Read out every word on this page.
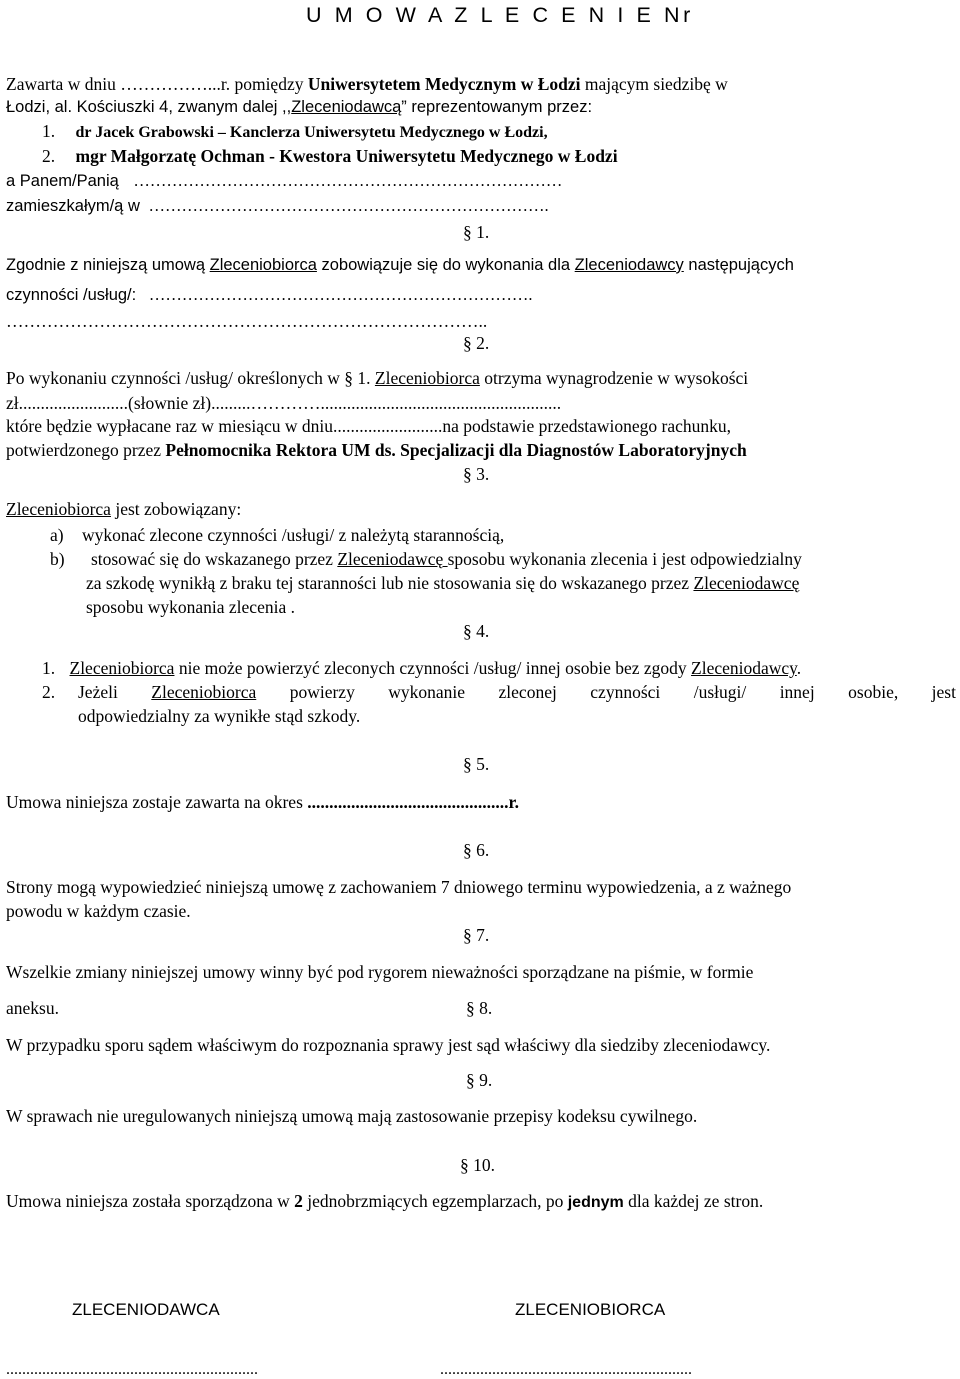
U M O W A Z L E C E N I E Nr
Zawarta w dniu ……………...r. pomiędzy Uniwersytetem Medycznym w Łodzi mającym siedzibę w
Łodzi, al. Kościuszki 4, zwanym dalej ,,Zleceniodawcą” reprezentowanym przez:
1. dr Jacek Grabowski – Kanclerza Uniwersytetu Medycznego w Łodzi,
2. mgr Małgorzatę Ochman - Kwestora Uniwersytetu Medycznego w Łodzi
a Panem/Panią ……………………………………………………………………
zamieszkałym/ą w ……………………………………………………………….
§ 1.
Zgodnie z niniejszą umową Zleceniobiorca zobowiązuje się do wykonania dla Zleceniodawcy następujących
czynności /usług/: …………………………………………………………….
………………………………………………………………………..
§ 2.
Po wykonaniu czynności /usług/ określonych w § 1. Zleceniobiorca otrzyma wynagrodzenie w wysokości
zł.........................(słownie zł).........………….......................................................
które będzie wypłacane raz w miesiącu w dniu.........................na podstawie przedstawionego rachunku,
potwierdzonego przez Pełnomocnika Rektora UM ds. Specjalizacji dla Diagnostów Laboratoryjnych
§ 3.
Zleceniobiorca jest zobowiązany:
a) wykonać zlecone czynności /usługi/ z należytą starannością,
b) stosować się do wskazanego przez Zleceniodawcę sposobu wykonania zlecenia i jest odpowiedzialny
za szkodę wynikłą z braku tej staranności lub nie stosowania się do wskazanego przez Zleceniodawcę
sposobu wykonania zlecenia .
§ 4.
1. Zleceniobiorca nie może powierzyć zleconych czynności /usług/ innej osobie bez zgody Zleceniodawcy.
2. Jeżeli Zleceniobiorca powierzy wykonanie zleconej czynności /usługi/ innej osobie, jest
odpowiedzialny za wynikłe stąd szkody.
§ 5.
Umowa niniejsza zostaje zawarta na okres ..............................................r.
§ 6.
Strony mogą wypowiedzieć niniejszą umowę z zachowaniem 7 dniowego terminu wypowiedzenia, a z ważnego
powodu w każdym czasie.
§ 7.
Wszelkie zmiany niniejszej umowy winny być pod rygorem nieważności sporządzane na piśmie, w formie
aneksu.	§ 8.
W przypadku sporu sądem właściwym do rozpoznania sprawy jest sąd właściwy dla siedziby zleceniodawcy.
§ 9.
W sprawach nie uregulowanych niniejszą umową mają zastosowanie przepisy kodeksu cywilnego.
§ 10.
Umowa niniejsza została sporządzona w 2 jednobrzmiących egzemplarzach, po jednym dla każdej ze stron.
ZLECENIODAWCA	ZLECENIOBIORCA
...............................................................	...............................................................
